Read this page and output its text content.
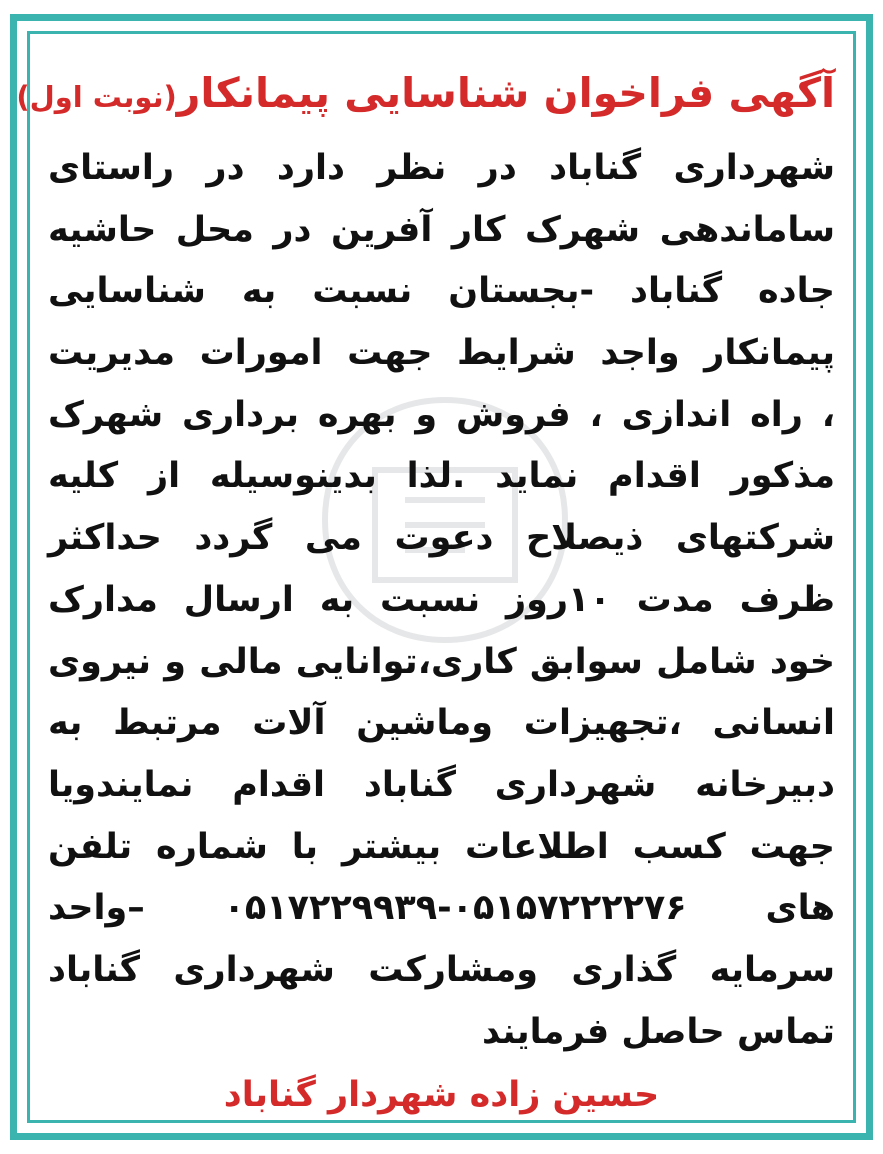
آگهی فراخوان شناسایی پیمانکار(نوبت اول)
شهرداری گناباد در نظر دارد در راستای
ساماندهی شهرک کار آفرین در محل حاشیه
جاده گناباد -بجستان نسبت به شناسایی
پیمانکار واجد شرایط جهت امورات مدیریت
، راه اندازی ، فروش و بهره برداری شهرک
مذکور اقدام نماید .لذا بدینوسیله از کلیه
شرکتهای ذیصلاح دعوت می گردد حداکثر
ظرف مدت ۱۰روز نسبت به ارسال مدارک
خود شامل سوابق کاری،توانایی مالی و نیروی
انسانی ،تجهیزات وماشین آلات مرتبط به
دبیرخانه شهرداری گناباد اقدام نمایندویا
جهت کسب اطلاعات بیشتر با شماره تلفن
های ۰۵۱۵۷۲۲۲۲۷۶-۰۵۱۷۲۲۹۹۳۹ –واحد
سرمایه گذاری ومشارکت شهرداری گناباد
تماس حاصل فرمایند
حسین زاده شهردار گناباد
